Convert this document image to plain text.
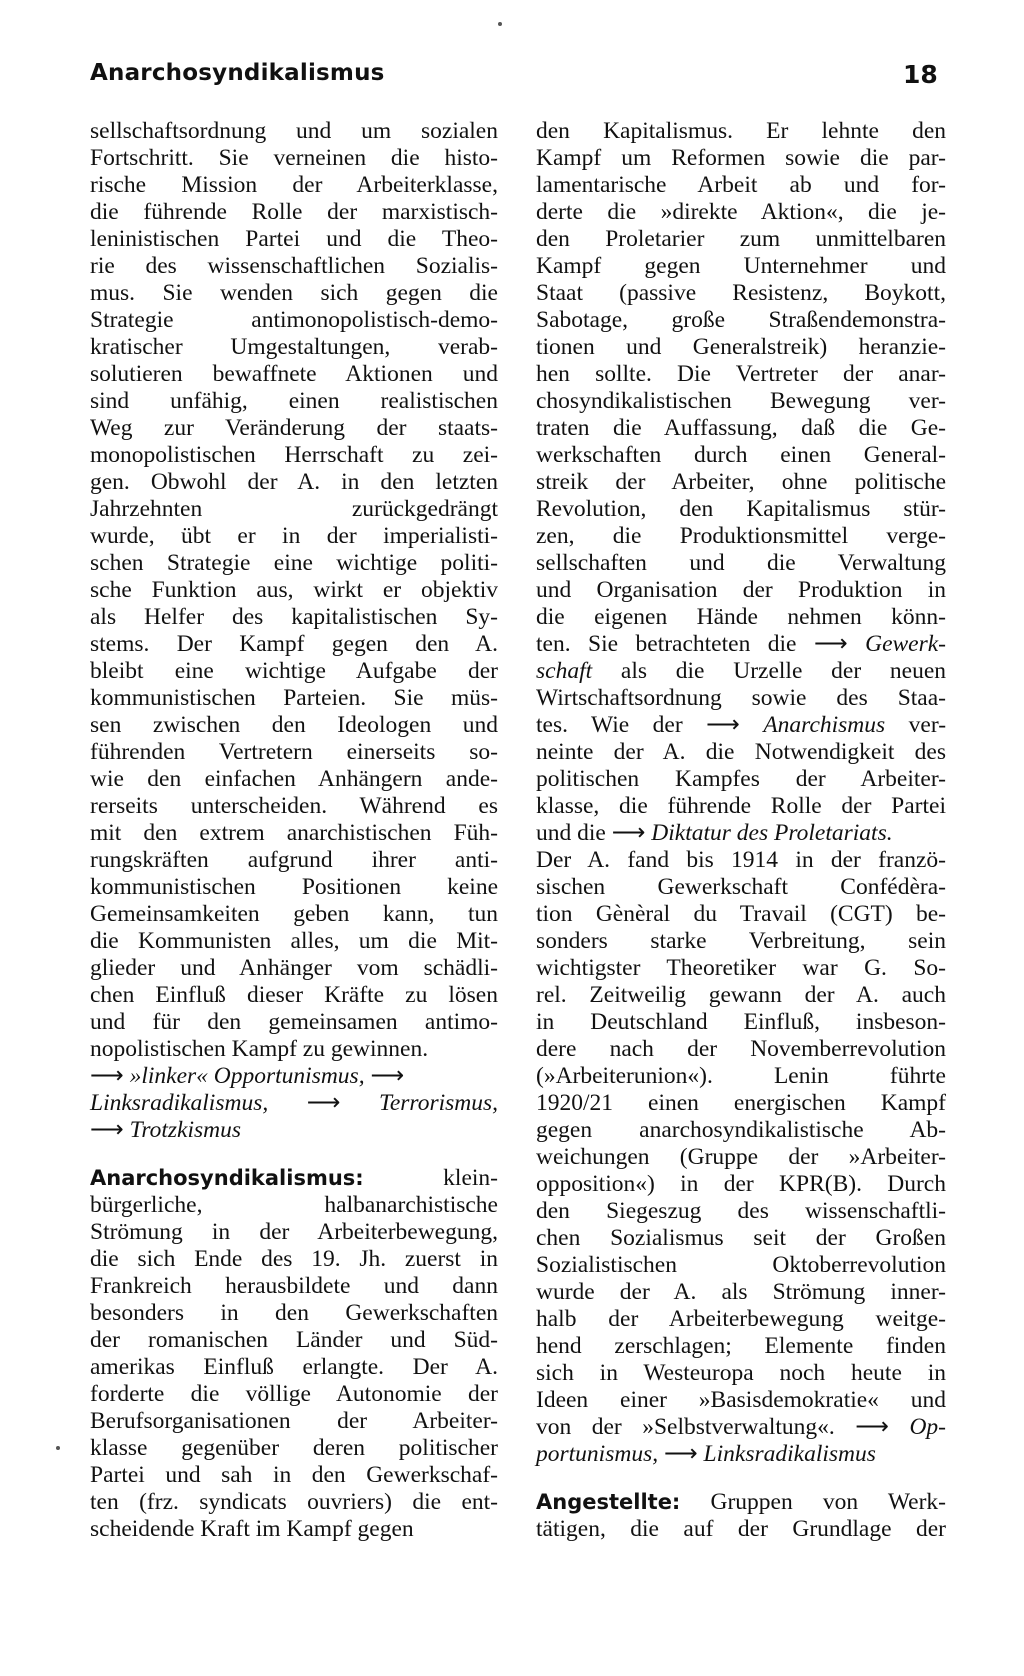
Anarchosyndikalismus	18
sellschaftsordnung und um sozialen
Fortschritt. Sie verneinen die histo-
rische Mission der Arbeiterklasse,
die führende Rolle der marxistisch-
leninistischen Partei und die Theo-
rie des wissenschaftlichen Sozialis-
mus. Sie wenden sich gegen die
Strategie antimonopolistisch-demo-
kratischer Umgestaltungen, verab-
solutieren bewaffnete Aktionen und
sind unfähig, einen realistischen
Weg zur Veränderung der staats-
monopolistischen Herrschaft zu zei-
gen. Obwohl der A. in den letzten
Jahrzehnten zurückgedrängt
wurde, übt er in der imperialisti-
schen Strategie eine wichtige politi-
sche Funktion aus, wirkt er objektiv
als Helfer des kapitalistischen Sy-
stems. Der Kampf gegen den A.
bleibt eine wichtige Aufgabe der
kommunistischen Parteien. Sie müs-
sen zwischen den Ideologen und
führenden Vertretern einerseits so-
wie den einfachen Anhängern ande-
rerseits unterscheiden. Während es
mit den extrem anarchistischen Füh-
rungskräften aufgrund ihrer anti-
kommunistischen Positionen keine
Gemeinsamkeiten geben kann, tun
die Kommunisten alles, um die Mit-
glieder und Anhänger vom schädli-
chen Einfluß dieser Kräfte zu lösen
und für den gemeinsamen antimo-
nopolistischen Kampf zu gewinnen.
⟶ »linker« Opportunismus, ⟶
Linksradikalismus, ⟶ Terrorismus,
⟶ Trotzkismus
Anarchosyndikalismus:	klein-
bürgerliche, halbanarchistische
Strömung in der Arbeiterbewegung,
die sich Ende des 19. Jh. zuerst in
Frankreich herausbildete und dann
besonders in den Gewerkschaften
der romanischen Länder und Süd-
amerikas Einfluß erlangte. Der A.
forderte die völlige Autonomie der
Berufsorganisationen der Arbeiter-
klasse gegenüber deren politischer
Partei und sah in den Gewerkschaf-
ten (frz. syndicats ouvriers) die ent-
scheidende Kraft im Kampf gegen
den Kapitalismus. Er lehnte den
Kampf um Reformen sowie die par-
lamentarische Arbeit ab und for-
derte die »direkte Aktion«, die je-
den Proletarier zum unmittelbaren
Kampf gegen Unternehmer und
Staat (passive Resistenz, Boykott,
Sabotage, große Straßendemonstra-
tionen und Generalstreik) heranzie-
hen sollte. Die Vertreter der anar-
chosyndikalistischen Bewegung ver-
traten die Auffassung, daß die Ge-
werkschaften durch einen General-
streik der Arbeiter, ohne politische
Revolution, den Kapitalismus stür-
zen, die Produktionsmittel verge-
sellschaften und die Verwaltung
und Organisation der Produktion in
die eigenen Hände nehmen könn-
ten. Sie betrachteten die ⟶ Gewerk-
schaft als die Urzelle der neuen
Wirtschaftsordnung sowie des Staa-
tes. Wie der ⟶ Anarchismus ver-
neinte der A. die Notwendigkeit des
politischen Kampfes der Arbeiter-
klasse, die führende Rolle der Partei
und die ⟶ Diktatur des Proletariats.
Der A. fand bis 1914 in der franzö-
sischen Gewerkschaft Confédèra-
tion Gènèral du Travail (CGT) be-
sonders starke Verbreitung, sein
wichtigster Theoretiker war G. So-
rel. Zeitweilig gewann der A. auch
in Deutschland Einfluß, insbeson-
dere nach der Novemberrevolution
(»Arbeiterunion«). Lenin führte
1920/21 einen energischen Kampf
gegen anarchosyndikalistische Ab-
weichungen (Gruppe der »Arbeiter-
opposition«) in der KPR(B). Durch
den Siegeszug des wissenschaftli-
chen Sozialismus seit der Großen
Sozialistischen Oktoberrevolution
wurde der A. als Strömung inner-
halb der Arbeiterbewegung weitge-
hend zerschlagen; Elemente finden
sich in Westeuropa noch heute in
Ideen einer »Basisdemokratie« und
von der »Selbstverwaltung«. ⟶ Op-
portunismus, ⟶ Linksradikalismus
Angestellte: Gruppen von Werk-
tätigen, die auf der Grundlage der
